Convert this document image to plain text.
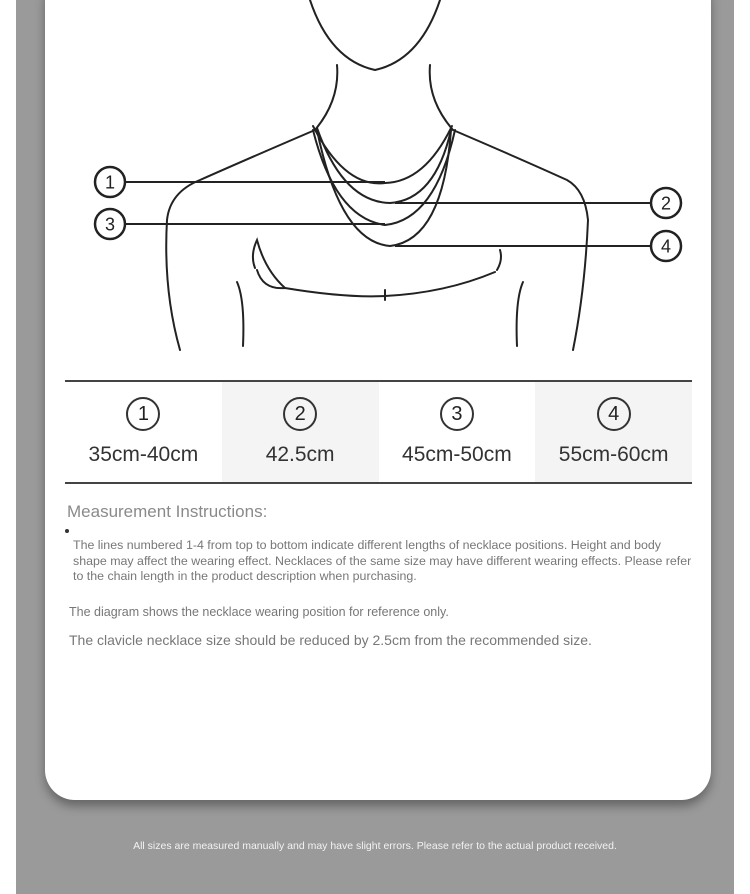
1
2
3
4
1
35cm-40cm
2
42.5cm
3
45cm-50cm
4
55cm-60cm
Measurement Instructions:
The lines numbered 1-4 from top to bottom indicate different lengths of necklace positions. Height and body shape may affect the wearing effect. Necklaces of the same size may have different wearing effects. Please refer to the chain length in the product description when purchasing.
The diagram shows the necklace wearing position for reference only.
The clavicle necklace size should be reduced by 2.5cm from the recommended size.
All sizes are measured manually and may have slight errors. Please refer to the actual product received.
